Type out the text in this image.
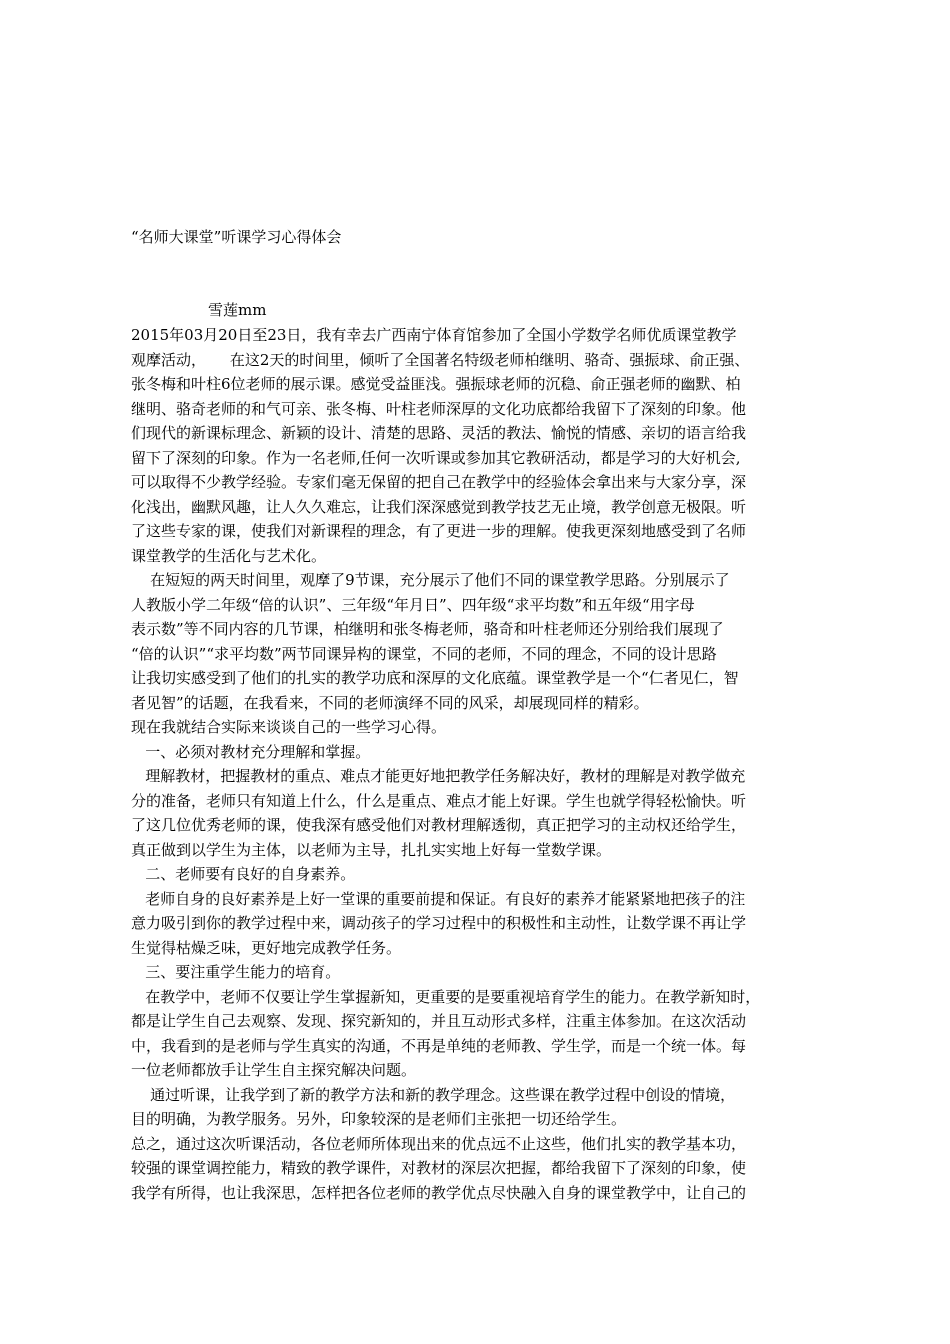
“名师大课堂”听课学习心得体会
雪莲mm
2015年03月20日至23日，我有幸去广西南宁体育馆参加了全国小学数学名师优质课堂教学
观摩活动，     在这2天的时间里，倾听了全国著名特级老师柏继明、骆奇、强振球、俞正强、
张冬梅和叶柱6位老师的展示课。感觉受益匪浅。强振球老师的沉稳、俞正强老师的幽默、柏
继明、骆奇老师的和气可亲、张冬梅、叶柱老师深厚的文化功底都给我留下了深刻的印象。他
们现代的新课标理念、新颖的设计、清楚的思路、灵活的教法、愉悦的情感、亲切的语言给我
留下了深刻的印象。作为一名老师,任何一次听课或参加其它教研活动，都是学习的大好机会,
可以取得不少教学经验。专家们毫无保留的把自己在教学中的经验体会拿出来与大家分享，深
化浅出，幽默风趣，让人久久难忘，让我们深深感觉到教学技艺无止境，教学创意无极限。听
了这些专家的课，使我们对新课程的理念，有了更进一步的理解。使我更深刻地感受到了名师
课堂教学的生活化与艺术化。
在短短的两天时间里，观摩了9节课，充分展示了他们不同的课堂教学思路。分别展示了
人教版小学二年级“倍的认识”、三年级“年月日”、四年级“求平均数”和五年级“用字母
表示数”等不同内容的几节课，柏继明和张冬梅老师，骆奇和叶柱老师还分别给我们展现了
“倍的认识”“求平均数”两节同课异构的课堂，不同的老师，不同的理念，不同的设计思路
让我切实感受到了他们的扎实的教学功底和深厚的文化底蕴。课堂教学是一个“仁者见仁，智
者见智”的话题，在我看来，不同的老师演绎不同的风采，却展现同样的精彩。
现在我就结合实际来谈谈自己的一些学习心得。
一、必须对教材充分理解和掌握。
理解教材，把握教材的重点、难点才能更好地把教学任务解决好，教材的理解是对教学做充
分的准备，老师只有知道上什么，什么是重点、难点才能上好课。学生也就学得轻松愉快。听
了这几位优秀老师的课，使我深有感受他们对教材理解透彻，真正把学习的主动权还给学生，
真正做到以学生为主体，以老师为主导，扎扎实实地上好每一堂数学课。
二、老师要有良好的自身素养。
老师自身的良好素养是上好一堂课的重要前提和保证。有良好的素养才能紧紧地把孩子的注
意力吸引到你的教学过程中来，调动孩子的学习过程中的积极性和主动性，让数学课不再让学
生觉得枯燥乏味，更好地完成教学任务。
三、要注重学生能力的培育。
在教学中，老师不仅要让学生掌握新知，更重要的是要重视培育学生的能力。在教学新知时，
都是让学生自己去观察、发现、探究新知的，并且互动形式多样，注重主体参加。在这次活动
中，我看到的是老师与学生真实的沟通，不再是单纯的老师教、学生学，而是一个统一体。每
一位老师都放手让学生自主探究解决问题。
通过听课，让我学到了新的教学方法和新的教学理念。这些课在教学过程中创设的情境，
目的明确，为教学服务。另外，印象较深的是老师们主张把一切还给学生。
总之，通过这次听课活动，各位老师所体现出来的优点远不止这些，他们扎实的教学基本功，
较强的课堂调控能力，精致的教学课件，对教材的深层次把握，都给我留下了深刻的印象，使
我学有所得，也让我深思，怎样把各位老师的教学优点尽快融入自身的课堂教学中，让自己的
